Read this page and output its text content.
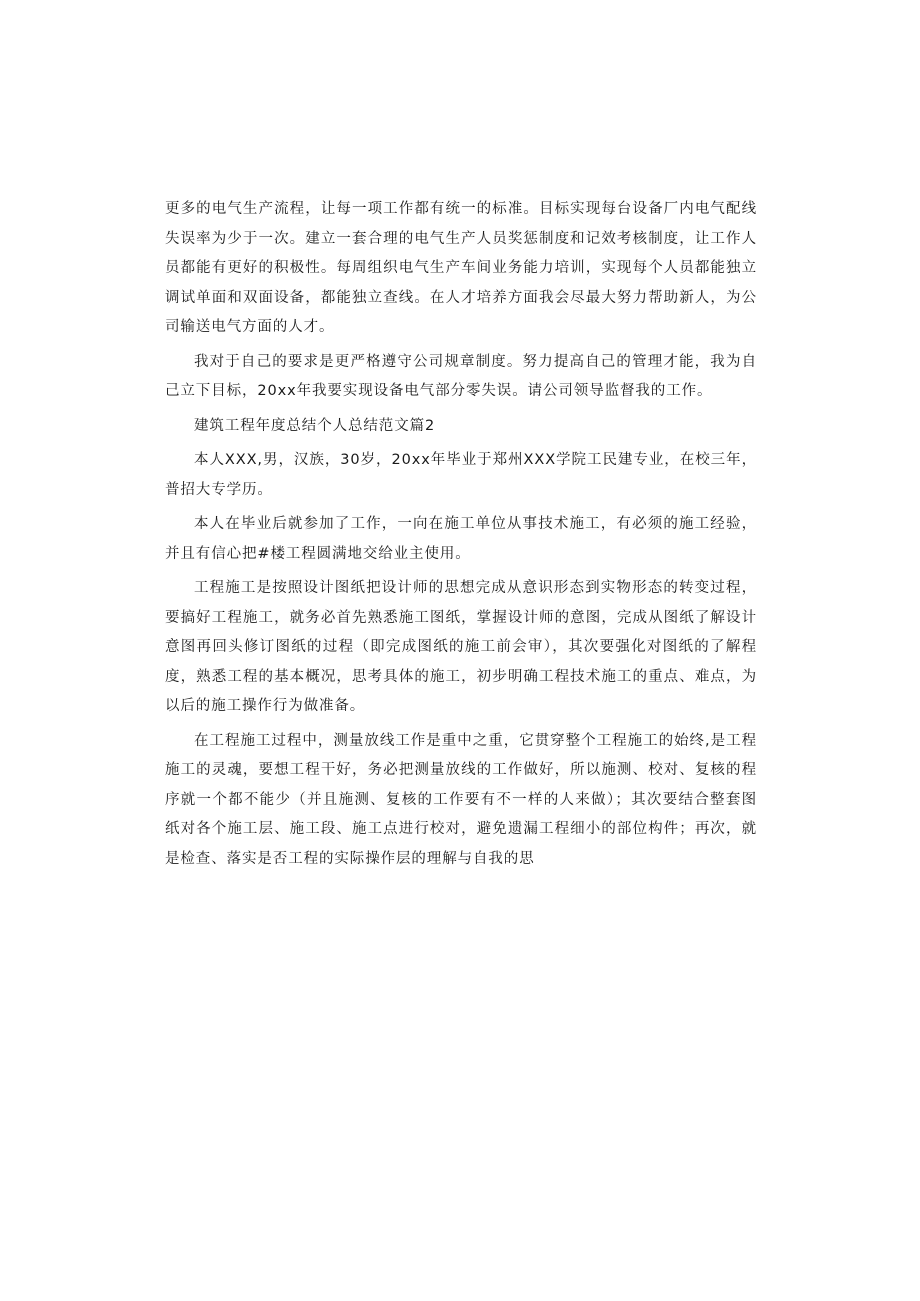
更多的电气生产流程，让每一项工作都有统一的标准。目标实现每台设备厂内电气配线失误率为少于一次。建立一套合理的电气生产人员奖惩制度和记效考核制度，让工作人员都能有更好的积极性。每周组织电气生产车间业务能力培训，实现每个人员都能独立调试单面和双面设备，都能独立查线。在人才培养方面我会尽最大努力帮助新人，为公司输送电气方面的人才。

我对于自己的要求是更严格遵守公司规章制度。努力提高自己的管理才能，我为自己立下目标，20xx年我要实现设备电气部分零失误。请公司领导监督我的工作。

建筑工程年度总结个人总结范文篇2

本人XXX,男，汉族，30岁，20xx年毕业于郑州XXX学院工民建专业，在校三年，普招大专学历。

本人在毕业后就参加了工作，一向在施工单位从事技术施工，有必须的施工经验，并且有信心把#楼工程圆满地交给业主使用。

工程施工是按照设计图纸把设计师的思想完成从意识形态到实物形态的转变过程，要搞好工程施工，就务必首先熟悉施工图纸，掌握设计师的意图，完成从图纸了解设计意图再回头修订图纸的过程（即完成图纸的施工前会审），其次要强化对图纸的了解程度，熟悉工程的基本概况，思考具体的施工，初步明确工程技术施工的重点、难点，为以后的施工操作行为做准备。

在工程施工过程中，测量放线工作是重中之重，它贯穿整个工程施工的始终,是工程施工的灵魂，要想工程干好，务必把测量放线的工作做好，所以施测、校对、复核的程序就一个都不能少（并且施测、复核的工作要有不一样的人来做）；其次要结合整套图纸对各个施工层、施工段、施工点进行校对，避免遗漏工程细小的部位构件；再次，就是检查、落实是否工程的实际操作层的理解与自我的思
